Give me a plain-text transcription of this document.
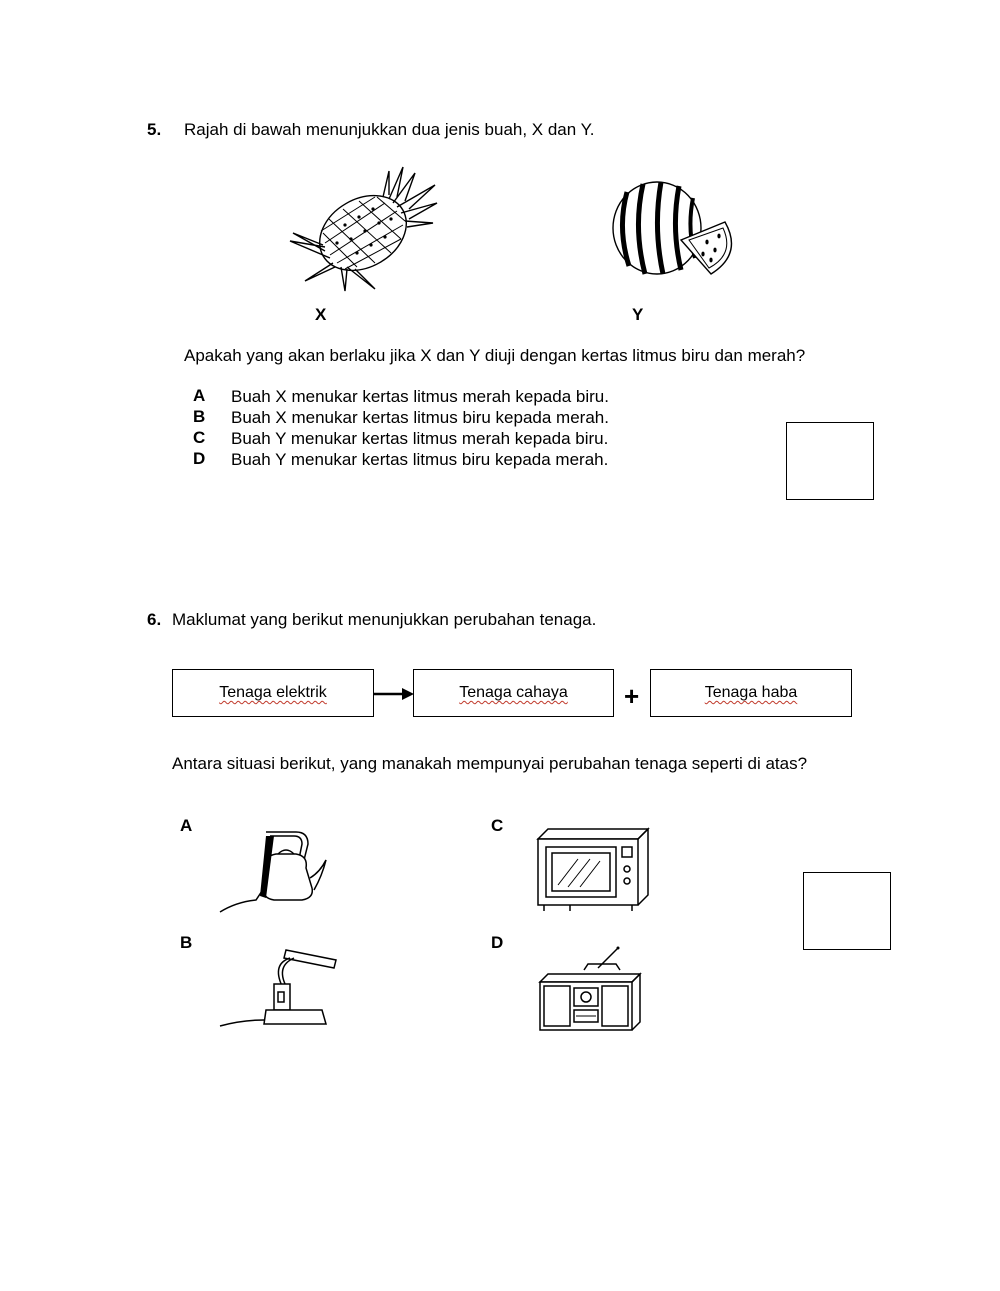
5. Rajah di bawah menunjukkan dua jenis buah, X dan Y.
X	Y
Apakah yang akan berlaku jika X dan Y diuji dengan kertas litmus biru dan merah?
A Buah X menukar kertas litmus merah kepada biru.
B Buah X menukar kertas litmus biru kepada merah.
C Buah Y menukar kertas litmus merah kepada biru.
D Buah Y menukar kertas litmus biru kepada merah.
6. Maklumat yang berikut menunjukkan perubahan tenaga.
Tenaga elektrik	Tenaga cahaya +	Tenaga haba
Antara situasi berikut, yang manakah mempunyai perubahan tenaga seperti di atas?
A
B
C
D
